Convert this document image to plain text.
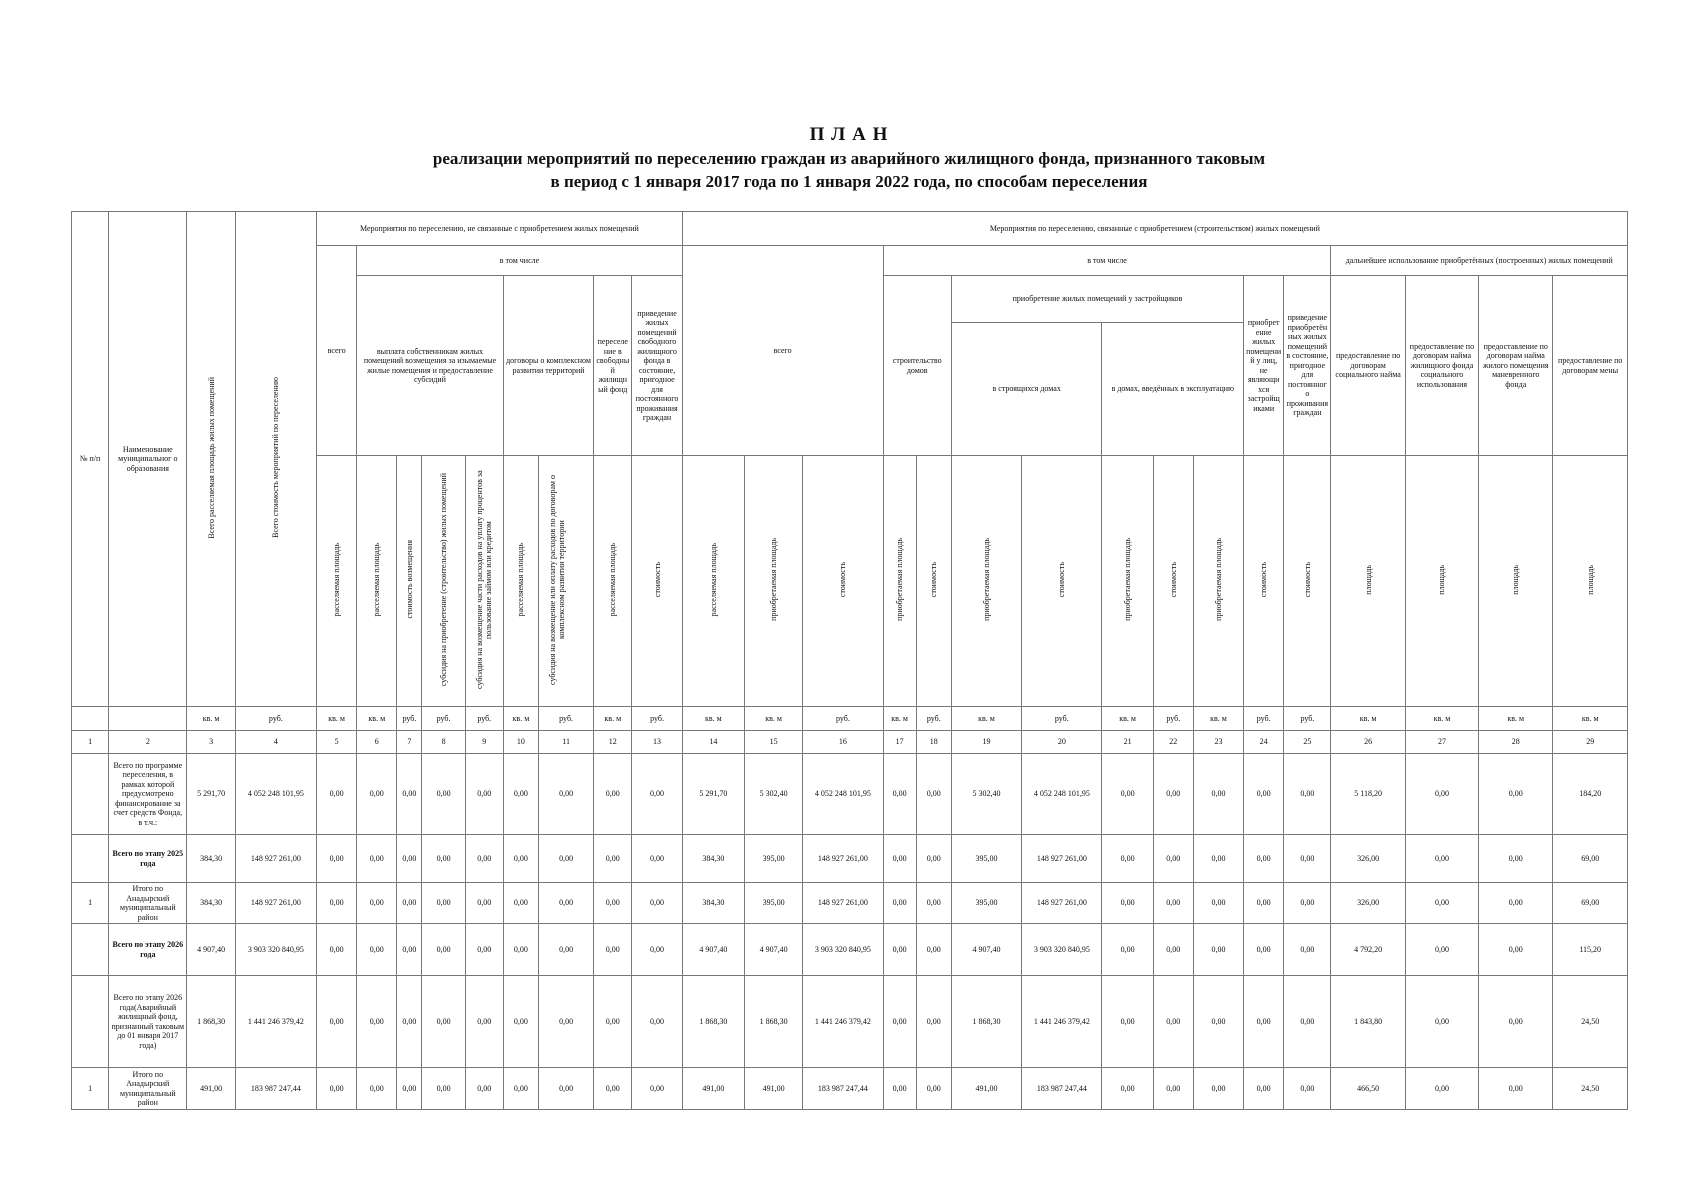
П Л А Н
реализации мероприятий по переселению граждан из аварийного жилищного фонда, признанного таковым
в период с 1 января 2017 года по 1 января 2022 года, по способам переселения
№ п/п	Наименование муниципальног о образования	Всего расселяемая площадь жилых помещений	Всего стоимость мероприятий по переселению	Мероприятия по переселению, не связанные с приобретением жилых помещений									Мероприятия по переселению, связанные с приобретением (строительством) жилых помещений															
				всего	в том числе								всего			в том числе									дальнейшее использование приобретённых (построенных) жилых помещений			
					выплата собственникам жилых помещений возмещения за изымаемые жилые помещения и предоставление субсидий				договоры о комплексном развитии территорий		переселение в свободный жилищный фонд	приведение жилых помещений свободного жилищного фонда в состояние, пригодное для постоянного проживания граждан				строительство домов		приобретение жилых помещений у застройщиков					приобретение жилых помещений у лиц, не являющихся застройщиками	приведение приобретённых жилых помещений в состояние, пригодное для постоянного проживания граждан	предоставление по договорам социального найма	предоставление по договорам найма жилищного фонда социального использования	предоставление по договорам найма жилого помещения маневренного фонда	предоставление по договорам мены
																		в строящихся домах		в домах, введённых в эксплуатацию								
				расселяемая площадь	расселяемая площадь	стоимость возмещения	субсидия на приобретение (строительство) жилых помещений	субсидия на возмещение части расходов на уплату процентов за пользование займом или кредитом	расселяемая площадь	субсидия на возмещение или оплату расходов по договорам о комплексном развитии территории	расселяемая площадь	стоимость	расселяемая площадь	приобретаемая площадь	стоимость	приобретаемая площадь	стоимость	приобретаемая площадь	стоимость	приобретаемая площадь	стоимость	приобретаемая площадь	стоимость	стоимость	площадь	площадь	площадь	площадь
		кв. м	руб.	кв. м	кв. м	руб.	руб.	руб.	кв. м	руб.	кв. м	руб.	кв. м	кв. м	руб.	кв. м	руб.	кв. м	руб.	кв. м	руб.	кв. м	руб.	руб.	кв. м	кв. м	кв. м	кв. м
1	2	3	4	5	6	7	8	9	10	11	12	13	14	15	16	17	18	19	20	21	22	23	24	25	26	27	28	29
	Всего по программе переселения, в рамках которой предусмотрено финансирование за счет средств Фонда, в т.ч.:	5 291,70	4 052 248 101,95	0,00	0,00	0,00	0,00	0,00	0,00	0,00	0,00	0,00	5 291,70	5 302,40	4 052 248 101,95	0,00	0,00	5 302,40	4 052 248 101,95	0,00	0,00	0,00	0,00	0,00	5 118,20	0,00	0,00	184,20
	Всего по этапу 2025 года	384,30	148 927 261,00	0,00	0,00	0,00	0,00	0,00	0,00	0,00	0,00	0,00	384,30	395,00	148 927 261,00	0,00	0,00	395,00	148 927 261,00	0,00	0,00	0,00	0,00	0,00	326,00	0,00	0,00	69,00
1	Итого по Анадырский муниципальный район	384,30	148 927 261,00	0,00	0,00	0,00	0,00	0,00	0,00	0,00	0,00	0,00	384,30	395,00	148 927 261,00	0,00	0,00	395,00	148 927 261,00	0,00	0,00	0,00	0,00	0,00	326,00	0,00	0,00	69,00
	Всего по этапу 2026 года	4 907,40	3 903 320 840,95	0,00	0,00	0,00	0,00	0,00	0,00	0,00	0,00	0,00	4 907,40	4 907,40	3 903 320 840,95	0,00	0,00	4 907,40	3 903 320 840,95	0,00	0,00	0,00	0,00	0,00	4 792,20	0,00	0,00	115,20
	Всего по этапу 2026 года(Аварийный жилищный фонд, признанный таковым до 01 января 2017 года)	1 868,30	1 441 246 379,42	0,00	0,00	0,00	0,00	0,00	0,00	0,00	0,00	0,00	1 868,30	1 868,30	1 441 246 379,42	0,00	0,00	1 868,30	1 441 246 379,42	0,00	0,00	0,00	0,00	0,00	1 843,80	0,00	0,00	24,50
1	Итого по Анадырский муниципальный район	491,00	183 987 247,44	0,00	0,00	0,00	0,00	0,00	0,00	0,00	0,00	0,00	491,00	491,00	183 987 247,44	0,00	0,00	491,00	183 987 247,44	0,00	0,00	0,00	0,00	0,00	466,50	0,00	0,00	24,50
